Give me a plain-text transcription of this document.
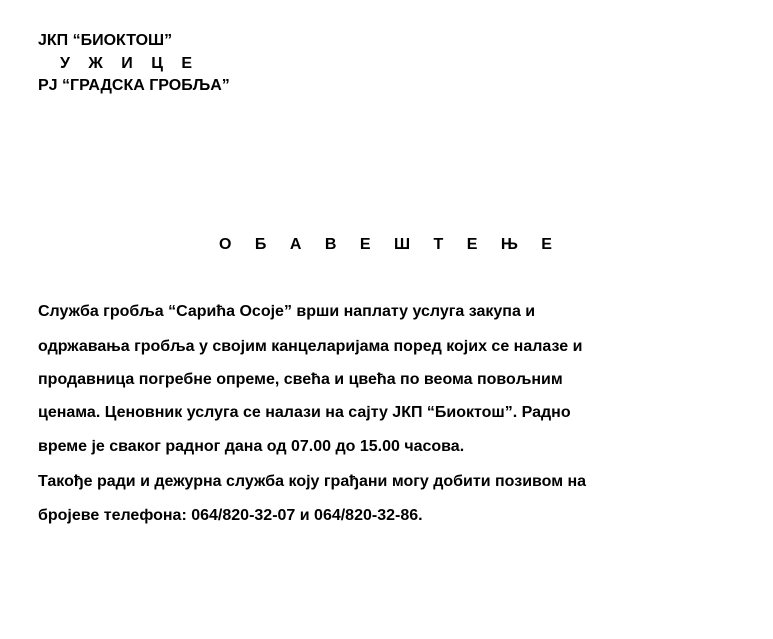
ЈКП “БИОКТОШ”
У Ж И Ц Е
РЈ “ГРАДСКА ГРОБЉА”
О Б А В Е Ш Т Е Њ Е
Служба гробља “Сарића Осоје” врши наплату услуга закупа и
одржавања гробља у својим канцеларијама поред којих се налазе и
продавница погребне опреме, свећа и цвећа по веома повољним
ценама. Ценовник услуга се налази на сајту ЈКП “Биоктош”. Радно
време је сваког радног дана од 07.00 до 15.00 часова.
Такође ради и дежурна служба коју грађани могу добити позивом на
бројеве телефона: 064/820-32-07 и 064/820-32-86.
